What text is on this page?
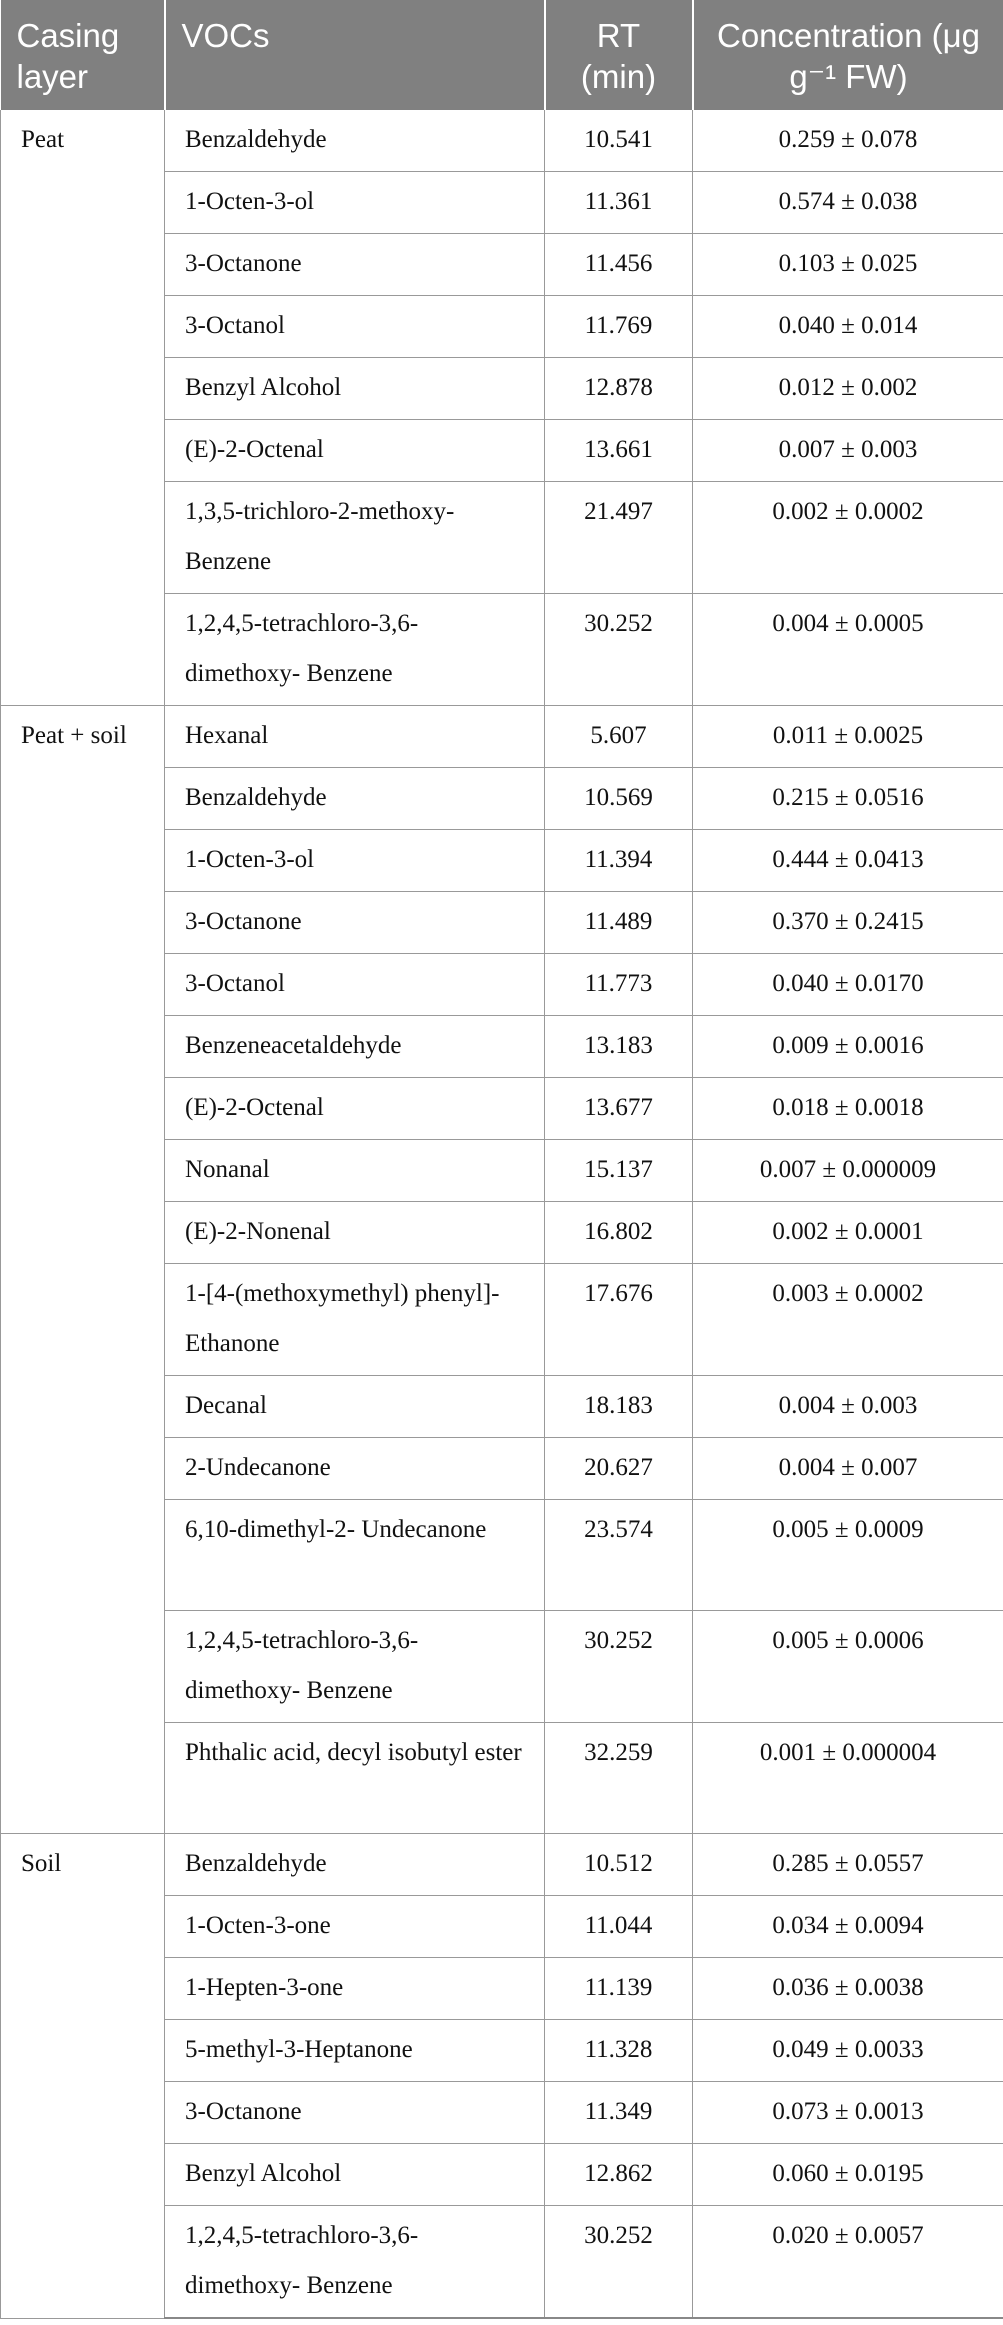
Casing layer	VOCs	RT (min)	Concentration (μg g⁻¹ FW)
Peat	Benzaldehyde	10.541	0.259 ± 0.078
	1-Octen-3-ol	11.361	0.574 ± 0.038
	3-Octanone	11.456	0.103 ± 0.025
	3-Octanol	11.769	0.040 ± 0.014
	Benzyl Alcohol	12.878	0.012 ± 0.002
	(E)-2-Octenal	13.661	0.007 ± 0.003
	1,3,5-trichloro-2-methoxy- Benzene	21.497	0.002 ± 0.0002
	1,2,4,5-tetrachloro-3,6- dimethoxy- Benzene	30.252	0.004 ± 0.0005
Peat + soil	Hexanal	5.607	0.011 ± 0.0025
	Benzaldehyde	10.569	0.215 ± 0.0516
	1-Octen-3-ol	11.394	0.444 ± 0.0413
	3-Octanone	11.489	0.370 ± 0.2415
	3-Octanol	11.773	0.040 ± 0.0170
	Benzeneacetaldehyde	13.183	0.009 ± 0.0016
	(E)-2-Octenal	13.677	0.018 ± 0.0018
	Nonanal	15.137	0.007 ± 0.000009
	(E)-2-Nonenal	16.802	0.002 ± 0.0001
	1-[4-(methoxymethyl) phenyl]- Ethanone	17.676	0.003 ± 0.0002
	Decanal	18.183	0.004 ± 0.003
	2-Undecanone	20.627	0.004 ± 0.007
	6,10-dimethyl-2- Undecanone	23.574	0.005 ± 0.0009
	1,2,4,5-tetrachloro-3,6- dimethoxy- Benzene	30.252	0.005 ± 0.0006
	Phthalic acid, decyl isobutyl ester	32.259	0.001 ± 0.000004
Soil	Benzaldehyde	10.512	0.285 ± 0.0557
	1-Octen-3-one	11.044	0.034 ± 0.0094
	1-Hepten-3-one	11.139	0.036 ± 0.0038
	5-methyl-3-Heptanone	11.328	0.049 ± 0.0033
	3-Octanone	11.349	0.073 ± 0.0013
	Benzyl Alcohol	12.862	0.060 ± 0.0195
	1,2,4,5-tetrachloro-3,6- dimethoxy- Benzene	30.252	0.020 ± 0.0057
